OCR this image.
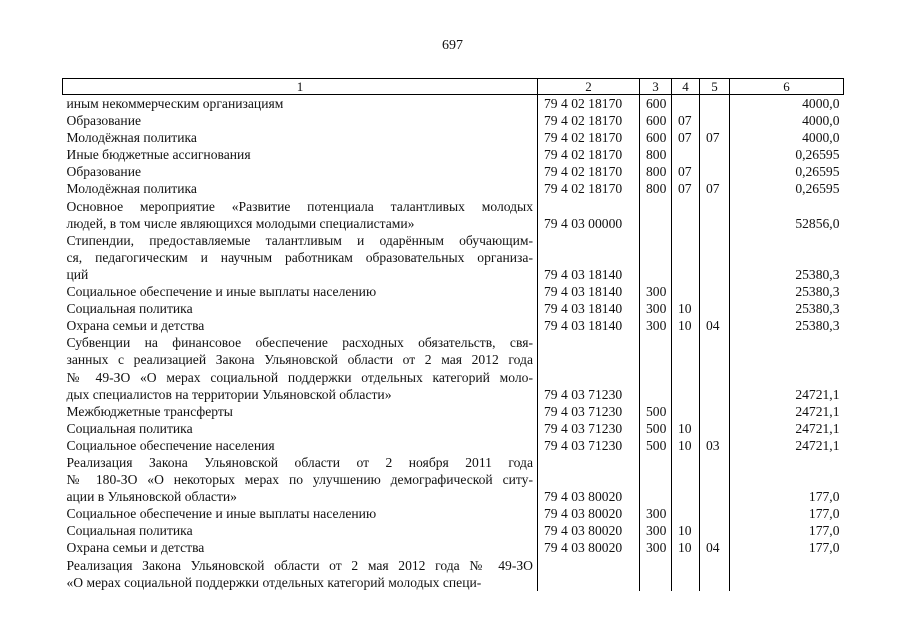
697
1	2	3	4	5	6

иным некоммерческим организациям	79 4 02 18170	600			4000,0

Образование	79 4 02 18170	600	07		4000,0

Молодёжная политика	79 4 02 18170	600	07	07	4000,0

Иные бюджетные ассигнования	79 4 02 18170	800			0,26595

Образование	79 4 02 18170	800	07		0,26595

Молодёжная политика	79 4 02 18170	800	07	07	0,26595

Основное мероприятие «Развитие потенциала талантливых молодых
людей, в том числе являющихся молодыми специалистами»	79 4 03 00000				52856,0

Стипендии, предоставляемые талантливым и одарённым обучающим-
ся, педагогическим и научным работникам образовательных организа-
ций	79 4 03 18140				25380,3

Социальное обеспечение и иные выплаты населению	79 4 03 18140	300			25380,3

Социальная политика	79 4 03 18140	300	10		25380,3

Охрана семьи и детства	79 4 03 18140	300	10	04	25380,3

Субвенции на финансовое обеспечение расходных обязательств, свя-
занных с реализацией Закона Ульяновской области от 2 мая 2012 года
№ 49-ЗО «О мерах социальной поддержки отдельных категорий моло-
дых специалистов на территории Ульяновской области»	79 4 03 71230				24721,1

Межбюджетные трансферты	79 4 03 71230	500			24721,1

Социальная политика	79 4 03 71230	500	10		24721,1

Социальное обеспечение населения	79 4 03 71230	500	10	03	24721,1

Реализация Закона Ульяновской области от 2 ноября 2011 года
№ 180-ЗО «О некоторых мерах по улучшению демографической ситу-
ации в Ульяновской области»	79 4 03 80020				177,0

Социальное обеспечение и иные выплаты населению	79 4 03 80020	300			177,0

Социальная политика	79 4 03 80020	300	10		177,0

Охрана семьи и детства	79 4 03 80020	300	10	04	177,0

Реализация Закона Ульяновской области от 2 мая 2012 года № 49-ЗО
«О мерах социальной поддержки отдельных категорий молодых специ-					
